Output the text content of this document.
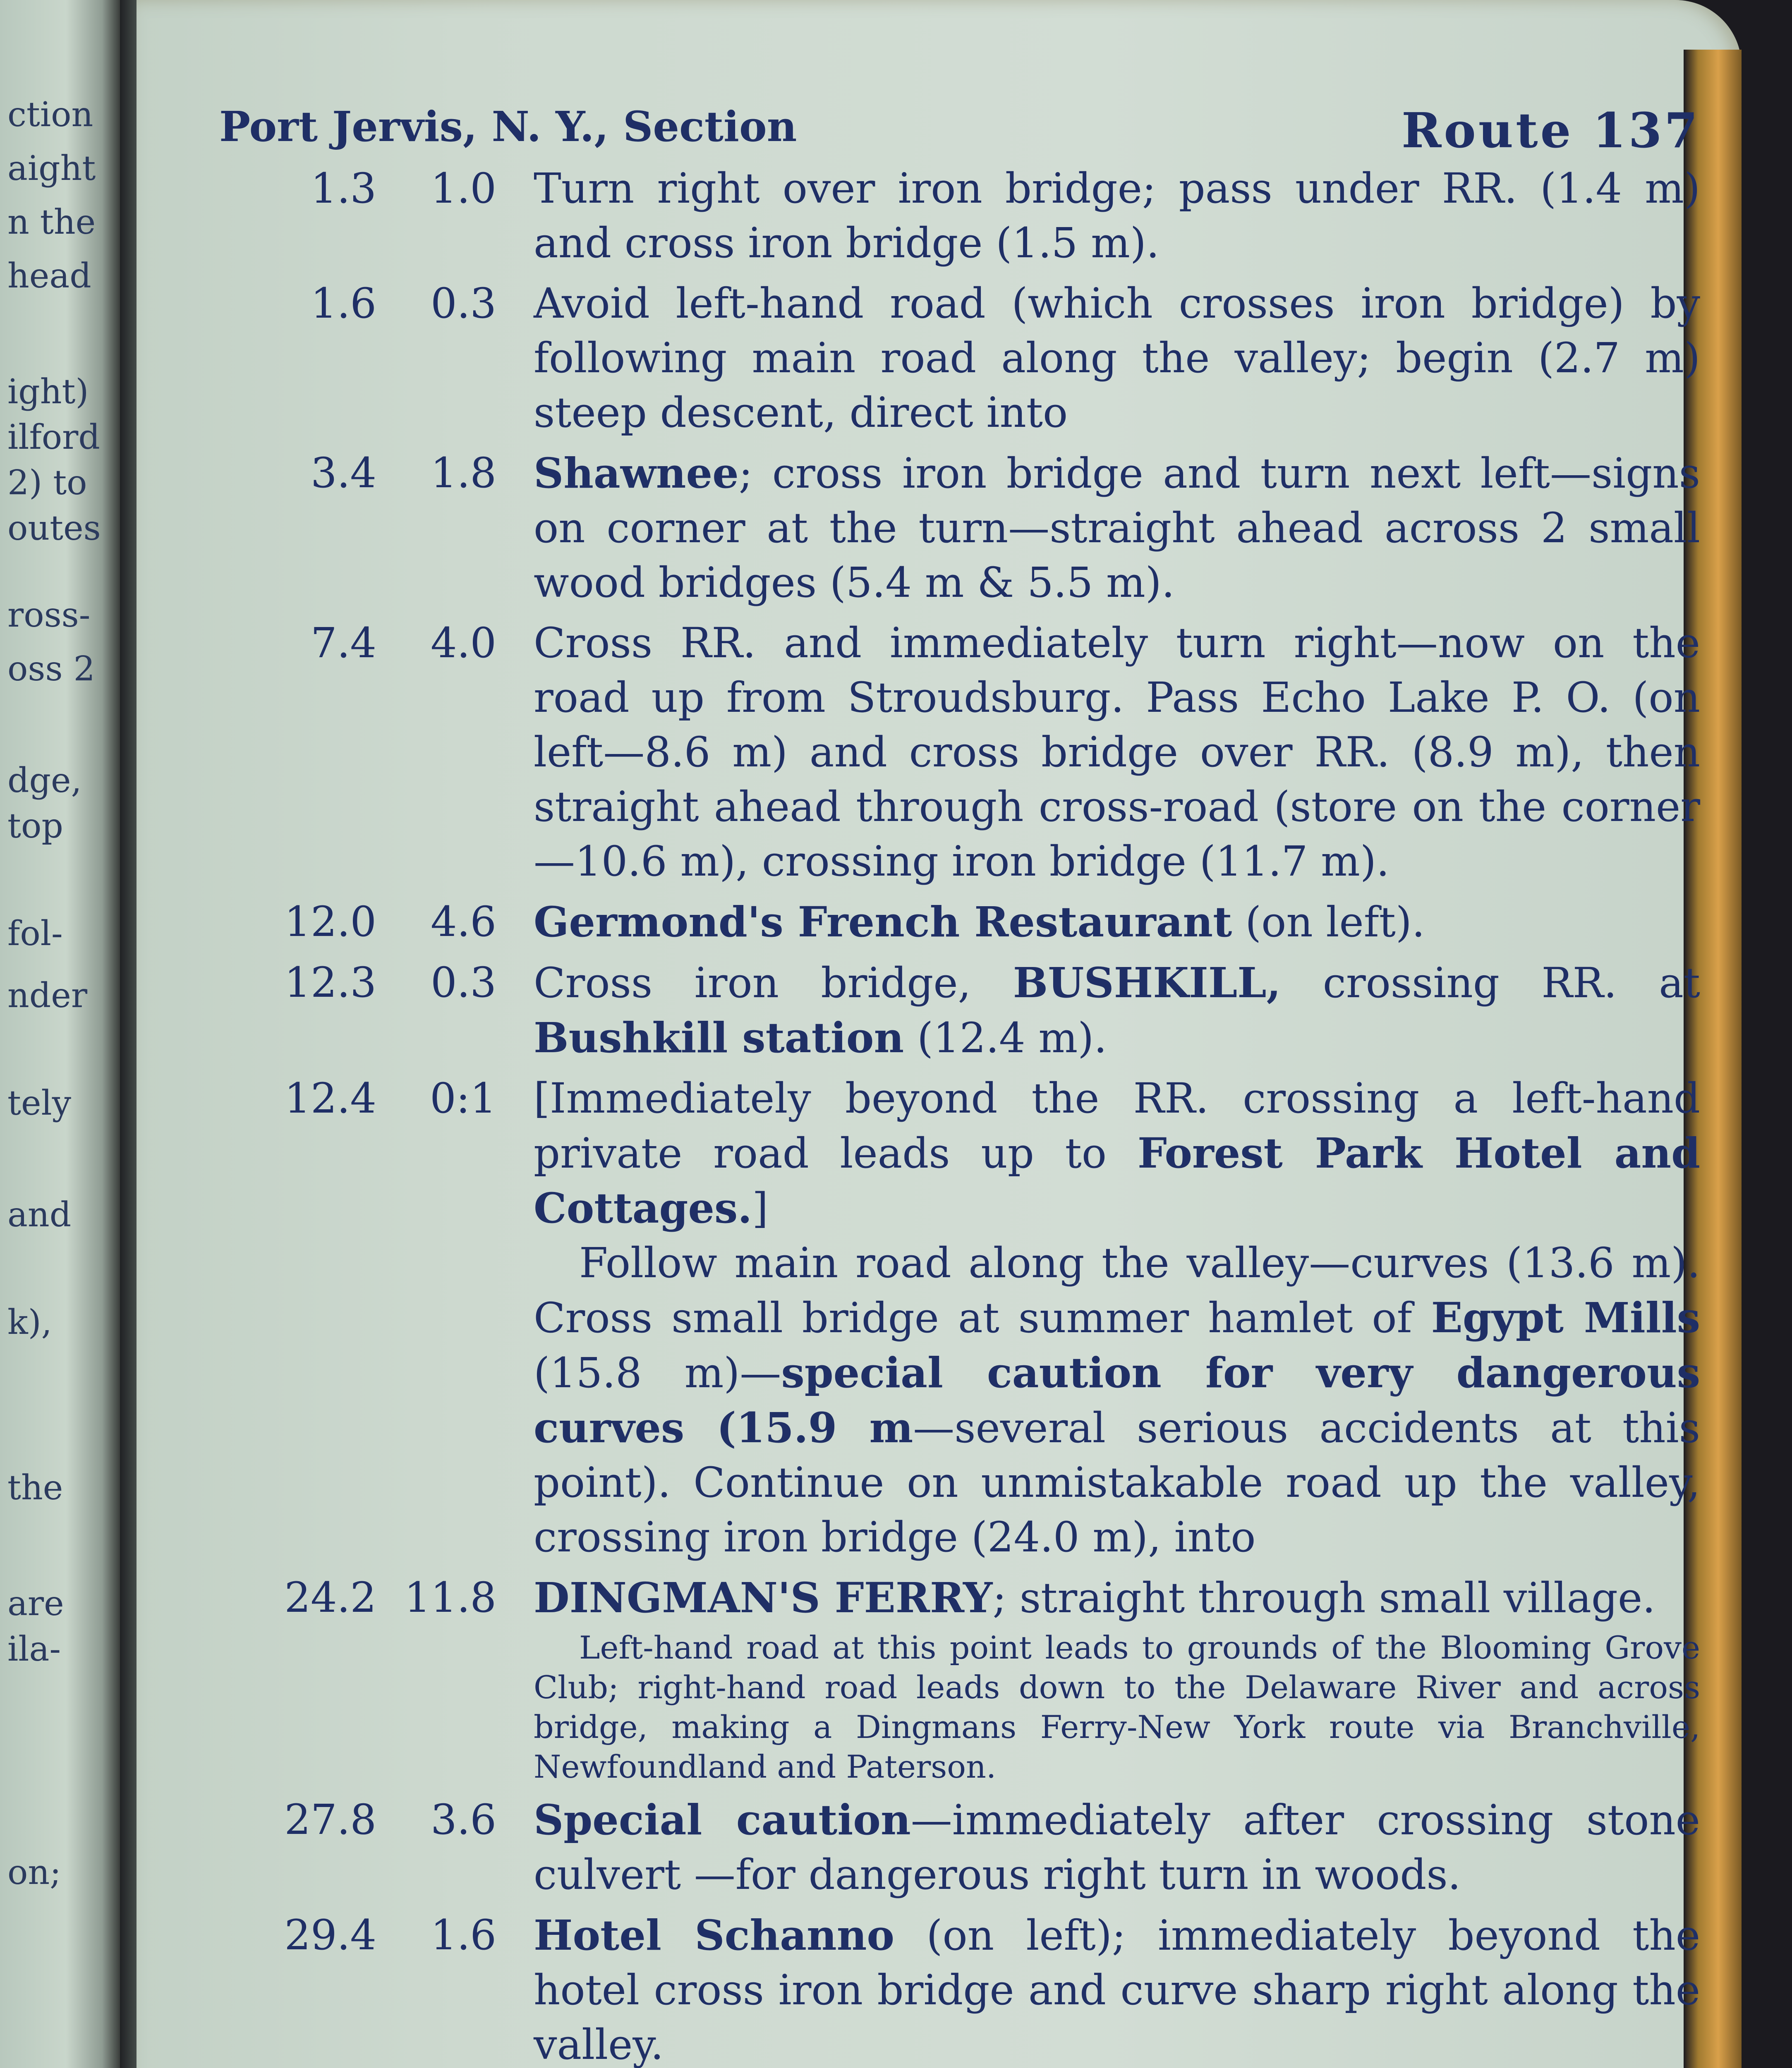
ction
aight
n the
head
ight)
ilford
2) to
outes
ross-
oss 2
dge,
top
fol-
nder
tely
and
k),
the
are
ila-
on;
Port Jervis, N. Y., Section	Route 137
1.3	1.0 Turn right over iron bridge; pass under RR. (1.4 m) and cross iron bridge (1.5 m).

1.6	0.3 Avoid left-hand road (which crosses iron bridge) by following main road along the valley; begin (2.7 m) steep descent, direct into

3.4	1.8 Shawnee; cross iron bridge and turn next left—signs on corner at the turn—straight ahead across 2 small wood bridges (5.4 m & 5.5 m).

7.4	4.0 Cross RR. and immediately turn right—now on the road up from Stroudsburg. Pass Echo Lake P. O. (on left—8.6 m) and cross bridge over RR. (8.9 m), then straight ahead through cross-road (store on the corner—10.6 m), crossing iron bridge (11.7 m).

12.0	4.6 Germond's French Restaurant (on left).

12.3	0.3 Cross iron bridge, BUSHKILL, crossing RR. at Bushkill station (12.4 m).

12.4	0:1 [Immediately beyond the RR. crossing a left-hand private road leads up to Forest Park Hotel and Cottages.]

Follow main road along the valley—curves (13.6 m). Cross small bridge at summer hamlet of Egypt Mills (15.8 m)—special caution for very dangerous curves (15.9 m—several serious accidents at this point). Continue on unmistakable road up the valley, crossing iron bridge (24.0 m), into

24.2 11.8 DINGMAN'S FERRY; straight through small village.

Left-hand road at this point leads to grounds of the Blooming Grove Club; right-hand road leads down to the Delaware River and across bridge, making a Dingmans Ferry-New York route via Branchville, Newfoundland and Paterson.

27.8	3.6 Special caution—immediately after crossing stone culvert —for dangerous right turn in woods.

29.4	1.6 Hotel Schanno (on left); immediately beyond the hotel cross iron bridge and curve sharp right along the valley.
